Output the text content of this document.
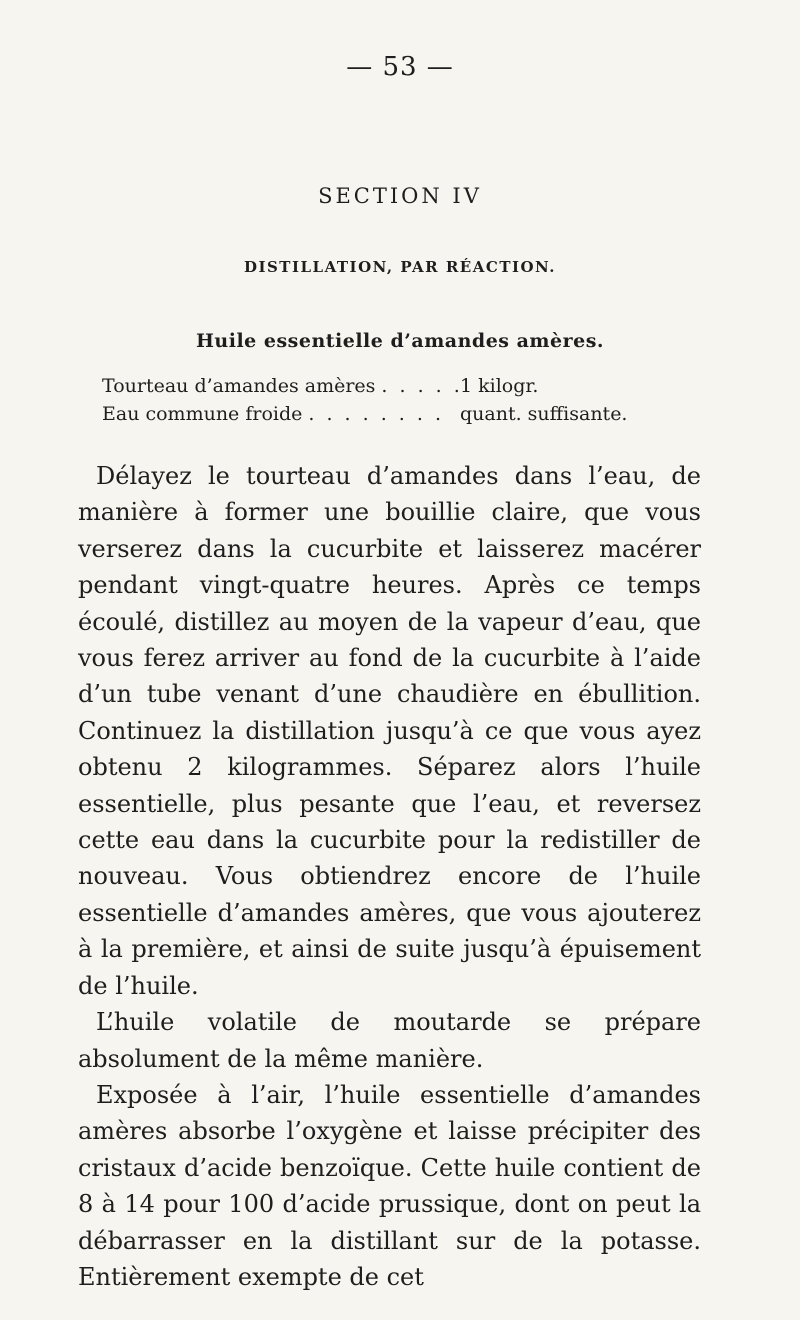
— 53 —
SECTION IV
DISTILLATION, PAR RÉACTION.
Huile essentielle d’amandes amères.
Tourteau d’amandes amères . . . . .
1 kilogr.
Eau commune froide . . . . . . . . quant. suffisante.

Délayez le tourteau d’amandes dans l’eau, de manière à former une bouillie claire, que vous verserez dans la cucurbite et laisserez macérer pendant vingt-quatre heures. Après ce temps écoulé, distillez au moyen de la vapeur d’eau, que vous ferez arriver au fond de la cucurbite à l’aide d’un tube venant d’une chaudière en ébullition. Continuez la distillation jusqu’à ce que vous ayez obtenu 2 kilogrammes. Séparez alors l’huile essentielle, plus pesante que l’eau, et reversez cette eau dans la cucurbite pour la redistiller de nouveau. Vous obtiendrez encore de l’huile essentielle d’amandes amères, que vous ajouterez à la première, et ainsi de suite jusqu’à épuisement de l’huile.

L’huile volatile de moutarde se prépare absolument de la même manière.

Exposée à l’air, l’huile essentielle d’amandes amères absorbe l’oxygène et laisse précipiter des cristaux d’acide benzoïque. Cette huile contient de 8 à 14 pour 100 d’acide prussique, dont on peut la débarrasser en la distillant sur de la potasse. Entièrement exempte de cet
